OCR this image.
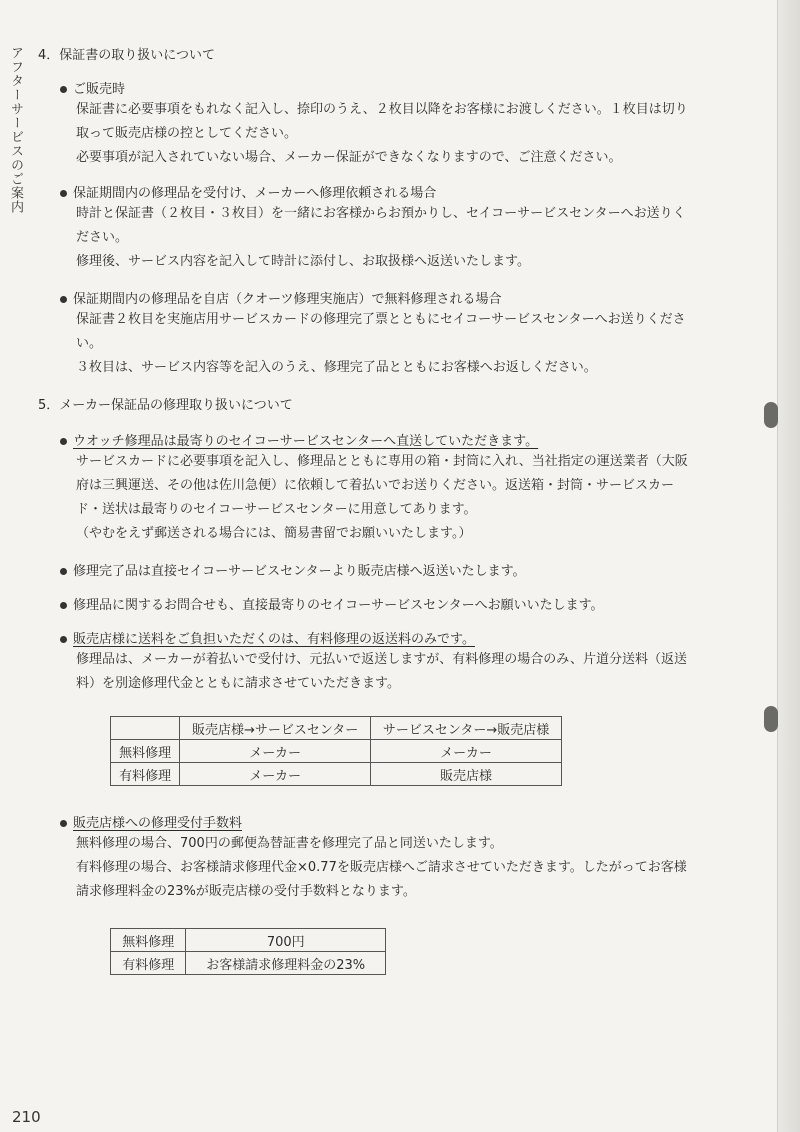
アフターサービスのご案内 4．保証書の取り扱いについて
ご販売時

保証書に必要事項をもれなく記入し、捺印のうえ、２枚目以降をお客様にお渡しください。１枚目は切り取って販売店様の控としてください。

必要事項が記入されていない場合、メーカー保証ができなくなりますので、ご注意ください。

保証期間内の修理品を受付け、メーカーへ修理依頼される場合

時計と保証書（２枚目・３枚目）を一緒にお客様からお預かりし、セイコーサービスセンターへお送りください。

修理後、サービス内容を記入して時計に添付し、お取扱様へ返送いたします。

保証期間内の修理品を自店（クオーツ修理実施店）で無料修理される場合

保証書２枚目を実施店用サービスカードの修理完了票とともにセイコーサービスセンターへお送りください。

３枚目は、サービス内容等を記入のうえ、修理完了品とともにお客様へお返しください。

5．メーカー保証品の修理取り扱いについて
ウオッチ修理品は最寄りのセイコーサービスセンターへ直送していただきます。

サービスカードに必要事項を記入し、修理品とともに専用の箱・封筒に入れ、当社指定の運送業者（大阪府は三興運送、その他は佐川急便）に依頼して着払いでお送りください。返送箱・封筒・サービスカード・送状は最寄りのセイコーサービスセンターに用意してあります。

（やむをえず郵送される場合には、簡易書留でお願いいたします。）

修理完了品は直接セイコーサービスセンターより販売店様へ返送いたします。
修理品に関するお問合せも、直接最寄りのセイコーサービスセンターへお願いいたします。
販売店様に送料をご負担いただくのは、有料修理の返送料のみです。

修理品は、メーカーが着払いで受付け、元払いで返送しますが、有料修理の場合のみ、片道分送料（返送料）を別途修理代金とともに請求させていただきます。

	販売店様→サービスセンター	サービスセンター→販売店様
無料修理	メーカー	メーカー
有料修理	メーカー	販売店様
販売店様への修理受付手数料

無料修理の場合、700円の郵便為替証書を修理完了品と同送いたします。

有料修理の場合、お客様請求修理代金×0.77を販売店様へご請求させていただきます。したがってお客様請求修理料金の23%が販売店様の受付手数料となります。

無料修理	700円
有料修理	お客様請求修理料金の23%
210
